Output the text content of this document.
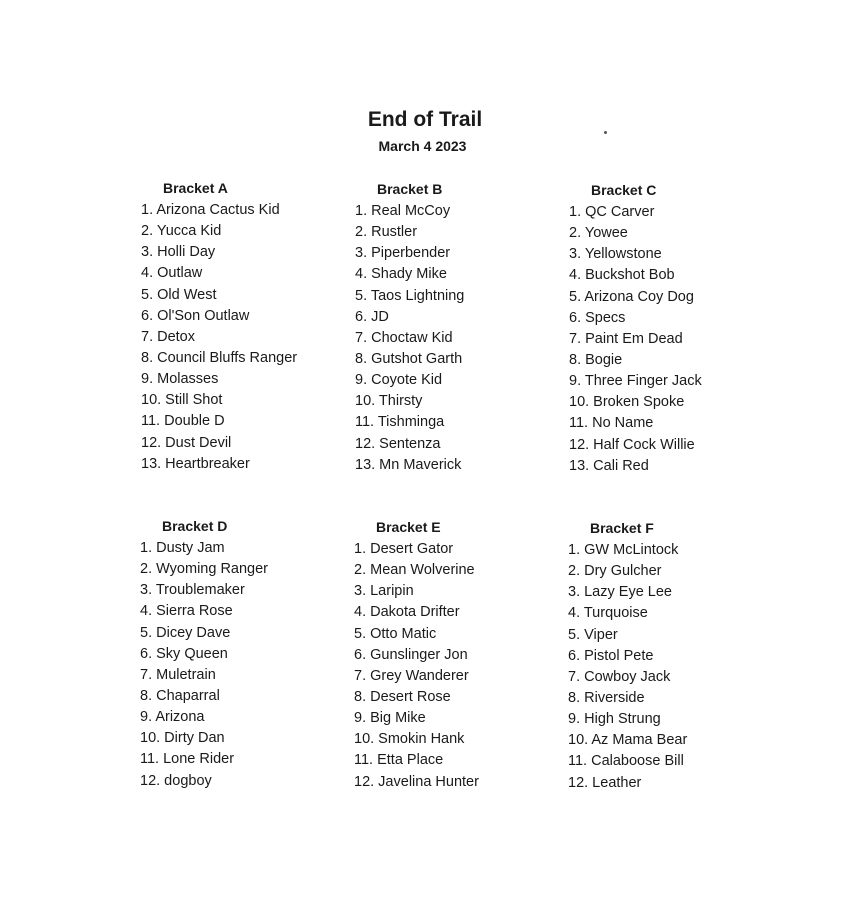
End of Trail
March 4 2023
Bracket A
1. Arizona Cactus Kid
2. Yucca Kid
3. Holli Day
4. Outlaw
5. Old West
6. Ol'Son Outlaw
7. Detox
8. Council Bluffs Ranger
9. Molasses
10. Still Shot
11. Double D
12. Dust Devil
13. Heartbreaker
Bracket B
1. Real McCoy
2. Rustler
3. Piperbender
4. Shady Mike
5. Taos Lightning
6. JD
7. Choctaw Kid
8. Gutshot Garth
9. Coyote Kid
10. Thirsty
11. Tishminga
12. Sentenza
13. Mn Maverick
Bracket C
1. QC Carver
2. Yowee
3. Yellowstone
4. Buckshot Bob
5. Arizona Coy Dog
6. Specs
7. Paint Em Dead
8. Bogie
9. Three Finger Jack
10. Broken Spoke
11. No Name
12. Half Cock Willie
13. Cali Red
Bracket D
1. Dusty Jam
2. Wyoming Ranger
3. Troublemaker
4. Sierra Rose
5. Dicey Dave
6. Sky Queen
7. Muletrain
8. Chaparral
9. Arizona
10. Dirty Dan
11. Lone Rider
12. dogboy
Bracket E
1. Desert Gator
2. Mean Wolverine
3. Laripin
4. Dakota Drifter
5. Otto Matic
6. Gunslinger Jon
7. Grey Wanderer
8. Desert Rose
9. Big Mike
10. Smokin Hank
11. Etta Place
12. Javelina Hunter
Bracket F
1. GW McLintock
2. Dry Gulcher
3. Lazy Eye Lee
4. Turquoise
5. Viper
6. Pistol Pete
7. Cowboy Jack
8. Riverside
9. High Strung
10. Az Mama Bear
11. Calaboose Bill
12. Leather
